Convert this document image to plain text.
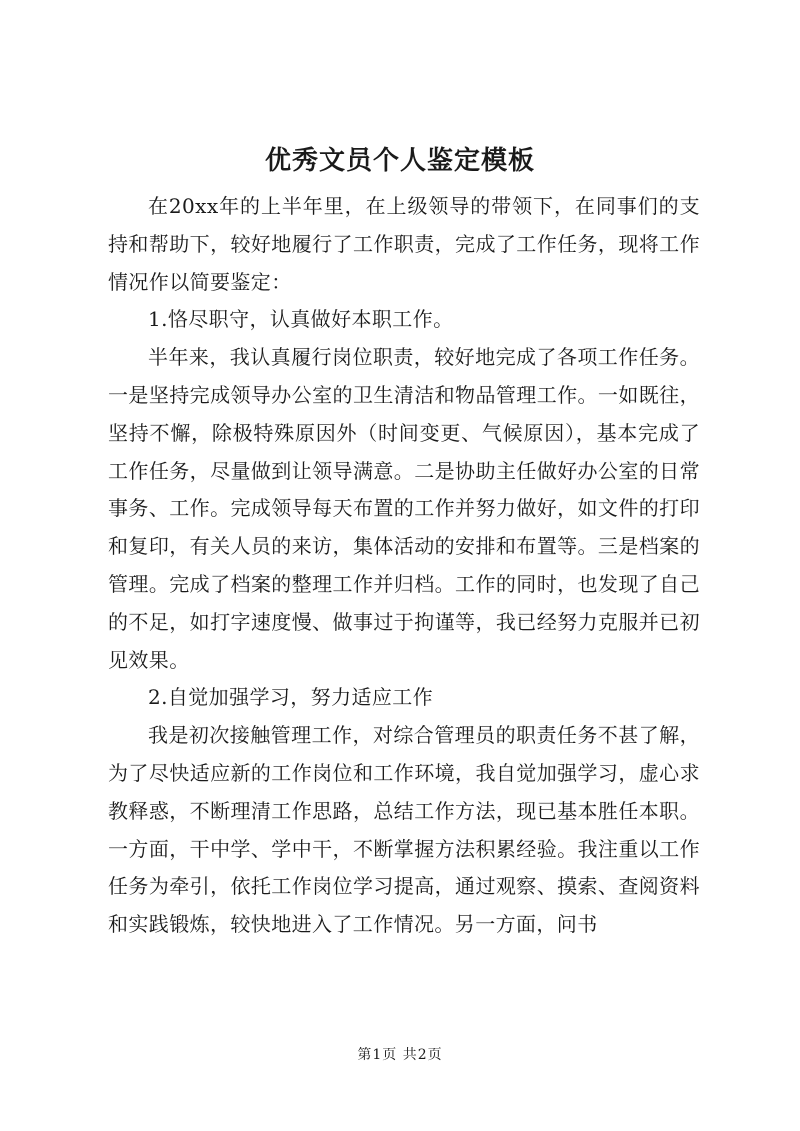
优秀文员个人鉴定模板

在20xx年的上半年里，在上级领导的带领下，在同事们的支持和帮助下，较好地履行了工作职责，完成了工作任务，现将工作情况作以简要鉴定：

1.恪尽职守，认真做好本职工作。

半年来，我认真履行岗位职责，较好地完成了各项工作任务。一是坚持完成领导办公室的卫生清洁和物品管理工作。一如既往，坚持不懈，除极特殊原因外（时间变更、气候原因），基本完成了工作任务，尽量做到让领导满意。二是协助主任做好办公室的日常事务、工作。完成领导每天布置的工作并努力做好，如文件的打印和复印，有关人员的来访，集体活动的安排和布置等。三是档案的管理。完成了档案的整理工作并归档。工作的同时，也发现了自己的不足，如打字速度慢、做事过于拘谨等，我已经努力克服并已初见效果。

2.自觉加强学习，努力适应工作

我是初次接触管理工作，对综合管理员的职责任务不甚了解，为了尽快适应新的工作岗位和工作环境，我自觉加强学习，虚心求教释惑，不断理清工作思路，总结工作方法，现已基本胜任本职。一方面，干中学、学中干，不断掌握方法积累经验。我注重以工作任务为牵引，依托工作岗位学习提高，通过观察、摸索、查阅资料和实践锻炼，较快地进入了工作情况。另一方面，问书

第1页 共2页
